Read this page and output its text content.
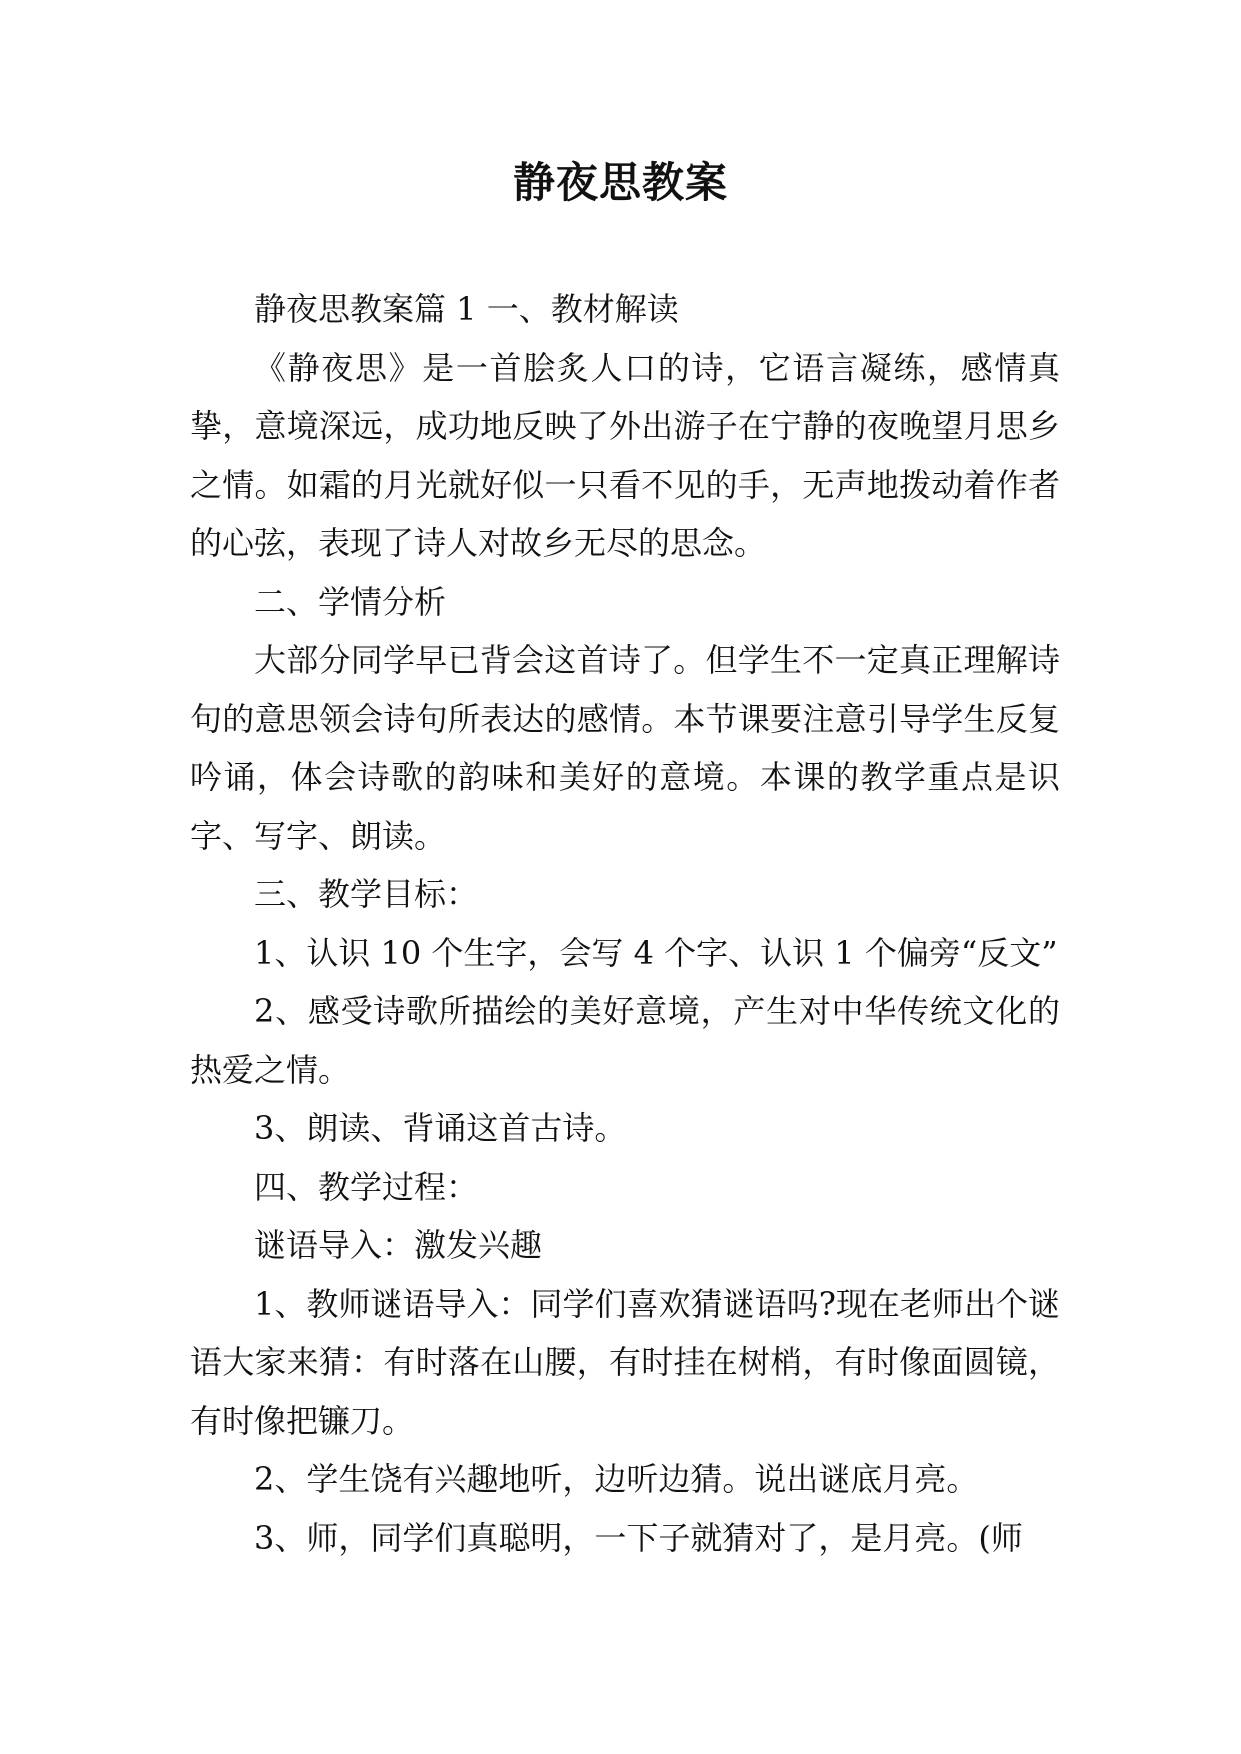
静夜思教案

静夜思教案篇 1 一、教材解读

《静夜思》是一首脍炙人口的诗，它语言凝练，感情真挚，意境深远，成功地反映了外出游子在宁静的夜晚望月思乡之情。如霜的月光就好似一只看不见的手，无声地拨动着作者的心弦，表现了诗人对故乡无尽的思念。

二、学情分析

大部分同学早已背会这首诗了。但学生不一定真正理解诗句的意思领会诗句所表达的感情。本节课要注意引导学生反复吟诵，体会诗歌的韵味和美好的意境。本课的教学重点是识字、写字、朗读。

三、教学目标：

1、认识 10 个生字，会写 4 个字、认识 1 个偏旁“反文”

2、感受诗歌所描绘的美好意境，产生对中华传统文化的热爱之情。

3、朗读、背诵这首古诗。

四、教学过程：

谜语导入：激发兴趣

1、教师谜语导入：同学们喜欢猜谜语吗?现在老师出个谜语大家来猜：有时落在山腰，有时挂在树梢，有时像面圆镜，有时像把镰刀。

2、学生饶有兴趣地听，边听边猜。说出谜底月亮。

3、师，同学们真聪明，一下子就猜对了，是月亮。(师
